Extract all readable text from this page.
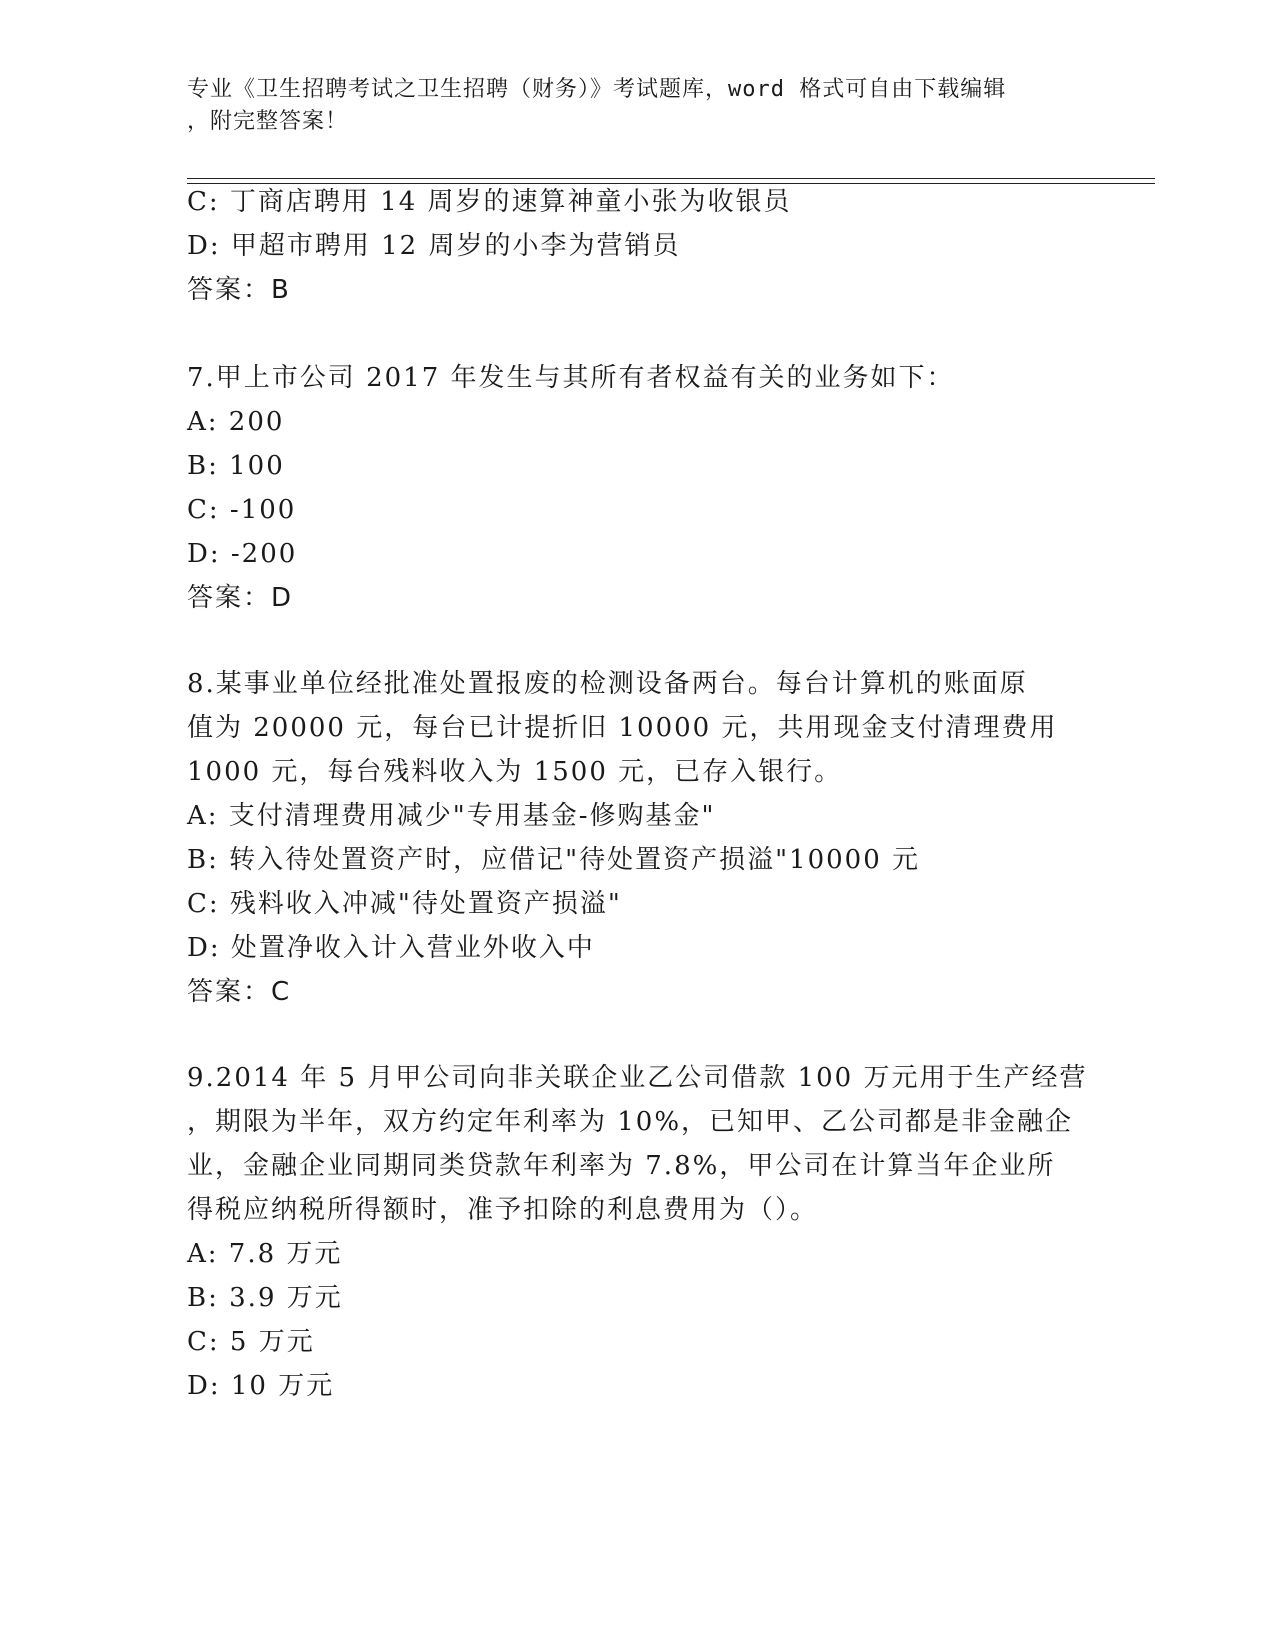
专业《卫生招聘考试之卫生招聘（财务）》考试题库，word 格式可自由下载编辑
，附完整答案！
C: 丁商店聘用 14 周岁的速算神童小张为收银员
D: 甲超市聘用 12 周岁的小李为营销员
答案：B
7.甲上市公司 2017 年发生与其所有者权益有关的业务如下：
A: 200
B: 100
C: -100
D: -200
答案：D
8.某事业单位经批准处置报废的检测设备两台。每台计算机的账面原
值为 20000 元，每台已计提折旧 10000 元，共用现金支付清理费用
1000 元，每台残料收入为 1500 元，已存入银行。
A: 支付清理费用减少"专用基金-修购基金"
B: 转入待处置资产时，应借记"待处置资产损溢"10000 元
C: 残料收入冲减"待处置资产损溢"
D: 处置净收入计入营业外收入中
答案：C
9.2014 年 5 月甲公司向非关联企业乙公司借款 100 万元用于生产经营
，期限为半年，双方约定年利率为 10%，已知甲、乙公司都是非金融企
业，金融企业同期同类贷款年利率为 7.8%，甲公司在计算当年企业所
得税应纳税所得额时，准予扣除的利息费用为（）。
A: 7.8 万元
B: 3.9 万元
C: 5 万元
D: 10 万元
